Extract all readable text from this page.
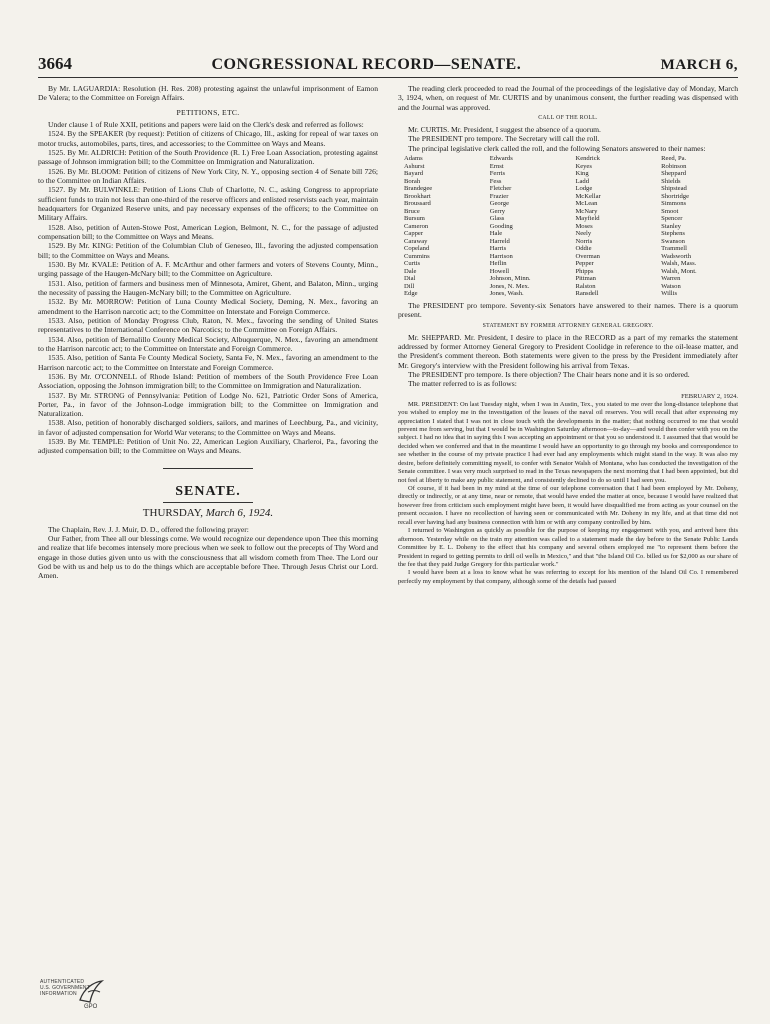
3664	CONGRESSIONAL RECORD—SENATE.	MARCH 6,

By Mr. LAGUARDIA: Resolution (H. Res. 208) protesting against the unlawful imprisonment of Eamon De Valera; to the Committee on Foreign Affairs.

PETITIONS, ETC.

Under clause 1 of Rule XXII, petitions and papers were laid on the Clerk's desk and referred as follows:

1524. By the SPEAKER (by request): Petition of citizens of Chicago, Ill., asking for repeal of war taxes on motor trucks, automobiles, parts, tires, and accessories; to the Committee on Ways and Means.

1525. By Mr. ALDRICH: Petition of the South Providence (R. I.) Free Loan Association, protesting against passage of Johnson immigration bill; to the Committee on Immigration and Naturalization.

1526. By Mr. BLOOM: Petition of citizens of New York City, N. Y., opposing section 4 of Senate bill 726; to the Committee on Indian Affairs.

1527. By Mr. BULWINKLE: Petition of Lions Club of Charlotte, N. C., asking Congress to appropriate sufficient funds to train not less than one-third of the reserve officers and enlisted reservists each year, maintain headquarters for Organized Reserve units, and pay necessary expenses of the officers; to the Committee on Military Affairs.

1528. Also, petition of Auten-Stowe Post, American Legion, Belmont, N. C., for the passage of adjusted compensation bill; to the Committee on Ways and Means.

1529. By Mr. KING: Petition of the Columbian Club of Geneseo, Ill., favoring the adjusted compensation bill; to the Committee on Ways and Means.

1530. By Mr. KVALE: Petition of A. F. McArthur and other farmers and voters of Stevens County, Minn., urging passage of the Haugen-McNary bill; to the Committee on Agriculture.

1531. Also, petition of farmers and business men of Minnesota, Amiret, Ghent, and Balaton, Minn., urging the necessity of passing the Haugen-McNary bill; to the Committee on Agriculture.

1532. By Mr. MORROW: Petition of Luna County Medical Society, Deming, N. Mex., favoring an amendment to the Harrison narcotic act; to the Committee on Interstate and Foreign Commerce.

1533. Also, petition of Monday Progress Club, Raton, N. Mex., favoring the sending of United States representatives to the International Conference on Narcotics; to the Committee on Foreign Affairs.

1534. Also, petition of Bernalillo County Medical Society, Albuquerque, N. Mex., favoring an amendment to the Harrison narcotic act; to the Committee on Interstate and Foreign Commerce.

1535. Also, petition of Santa Fe County Medical Society, Santa Fe, N. Mex., favoring an amendment to the Harrison narcotic act; to the Committee on Interstate and Foreign Commerce.

1536. By Mr. O'CONNELL of Rhode Island: Petition of members of the South Providence Free Loan Association, opposing the Johnson immigration bill; to the Committee on Immigration and Naturalization.

1537. By Mr. STRONG of Pennsylvania: Petition of Lodge No. 621, Patriotic Order Sons of America, Porter, Pa., in favor of the Johnson-Lodge immigration bill; to the Committee on Immigration and Naturalization.

1538. Also, petition of honorably discharged soldiers, sailors, and marines of Leechburg, Pa., and vicinity, in favor of adjusted compensation for World War veterans; to the Committee on Ways and Means.

1539. By Mr. TEMPLE: Petition of Unit No. 22, American Legion Auxiliary, Charleroi, Pa., favoring the adjusted compensation bill; to the Committee on Ways and Means.

SENATE.
THURSDAY, March 6, 1924.

The Chaplain, Rev. J. J. Muir, D. D., offered the following prayer:

Our Father, from Thee all our blessings come. We would recognize our dependence upon Thee this morning and realize that life becomes intensely more precious when we seek to follow out the precepts of Thy Word and engage in those duties given unto us with the consciousness that all wisdom cometh from Thee. The Lord our God be with us and help us to do the things which are acceptable before Thee. Through Jesus Christ our Lord. Amen.

The reading clerk proceeded to read the Journal of the proceedings of the legislative day of Monday, March 3, 1924, when, on request of Mr. CURTIS and by unanimous consent, the further reading was dispensed with and the Journal was approved.

CALL OF THE ROLL.

Mr. CURTIS. Mr. President, I suggest the absence of a quorum.

The PRESIDENT pro tempore. The Secretary will call the roll.

The principal legislative clerk called the roll, and the following Senators answered to their names:

Adams
Ashurst
Bayard
Borah
Brandegee
Brookhart
Broussard
Bruce
Bursum
Cameron
Capper
Caraway
Copeland
Cummins
Curtis
Dale
Dial
Dill
Edge
Edwards
Ernst
Ferris
Fess
Fletcher
Frazier
George
Gerry
Glass
Gooding
Hale
Harreld
Harris
Harrison
Heflin
Howell
Johnson, Minn.
Jones, N. Mex.
Jones, Wash.
Kendrick
Keyes
King
Ladd
Lodge
McKellar
McLean
McNary
Mayfield
Moses
Neely
Norris
Oddie
Overman
Pepper
Phipps
Pittman
Ralston
Ransdell
Reed, Pa.
Robinson
Sheppard
Shields
Shipstead
Shortridge
Simmons
Smoot
Spencer
Stanley
Stephens
Swanson
Trammell
Wadsworth
Walsh, Mass.
Walsh, Mont.
Warren
Watson
Willis

The PRESIDENT pro tempore. Seventy-six Senators have answered to their names. There is a quorum present.

STATEMENT BY FORMER ATTORNEY GENERAL GREGORY.

Mr. SHEPPARD. Mr. President, I desire to place in the RECORD as a part of my remarks the statement addressed by former Attorney General Gregory to President Coolidge in reference to the oil-lease matter, and the President's comment thereon. Both statements were given to the press by the President immediately after Mr. Gregory's interview with the President following his arrival from Texas.

The PRESIDENT pro tempore. Is there objection? The Chair hears none and it is so ordered.

The matter referred to is as follows:

FEBRUARY 2, 1924.

MR. PRESIDENT: On last Tuesday night, when I was in Austin, Tex., you stated to me over the long-distance telephone that you wished to employ me in the investigation of the leases of the naval oil reserves. You will recall that after expressing my appreciation I stated that I was not in close touch with the developments in the matter; that nothing occurred to me that would prevent me from serving, but that I would be in Washington Saturday afternoon—to-day—and would then confer with you on the subject. I had no idea that in saying this I was accepting an appointment or that you so understood it. I assumed that that would be decided when we conferred and that in the meantime I would have an opportunity to go through my books and correspondence to see whether in the course of my private practice I had ever had any employments which might stand in the way. It was also my desire, before definitely committing myself, to confer with Senator Walsh of Montana, who has conducted the investigation of the Senate committee. I was very much surprised to read in the Texas newspapers the next morning that I had been appointed, but did not feel at liberty to make any public statement, and consistently declined to do so until I had seen you.

Of course, if it had been in my mind at the time of our telephone conversation that I had been employed by Mr. Doheny, directly or indirectly, or at any time, near or remote, that would have ended the matter at once, because I would have realized that however free from criticism such employment might have been, it would have disqualified me from acting as your counsel on the present occasion. I have no recollection of having seen or communicated with Mr. Doheny in my life, and at that time did not recall ever having had any business connection with him or with any company controlled by him.

I returned to Washington as quickly as possible for the purpose of keeping my engagement with you, and arrived here this afternoon. Yesterday while on the train my attention was called to a statement made the day before to the Senate Public Lands Committee by E. L. Doheny to the effect that his company and several others employed me "to represent them before the President in regard to getting permits to drill oil wells in Mexico," and that "the Island Oil Co. billed us for $2,000 as our share of the fee that they paid Judge Gregory for this particular work."

I would have been at a loss to know what he was referring to except for his mention of the Island Oil Co. I remembered perfectly my employment by that company, although some of the details had passed

AUTHENTICATED
U.S. GOVERNMENT
INFORMATION
GPO
